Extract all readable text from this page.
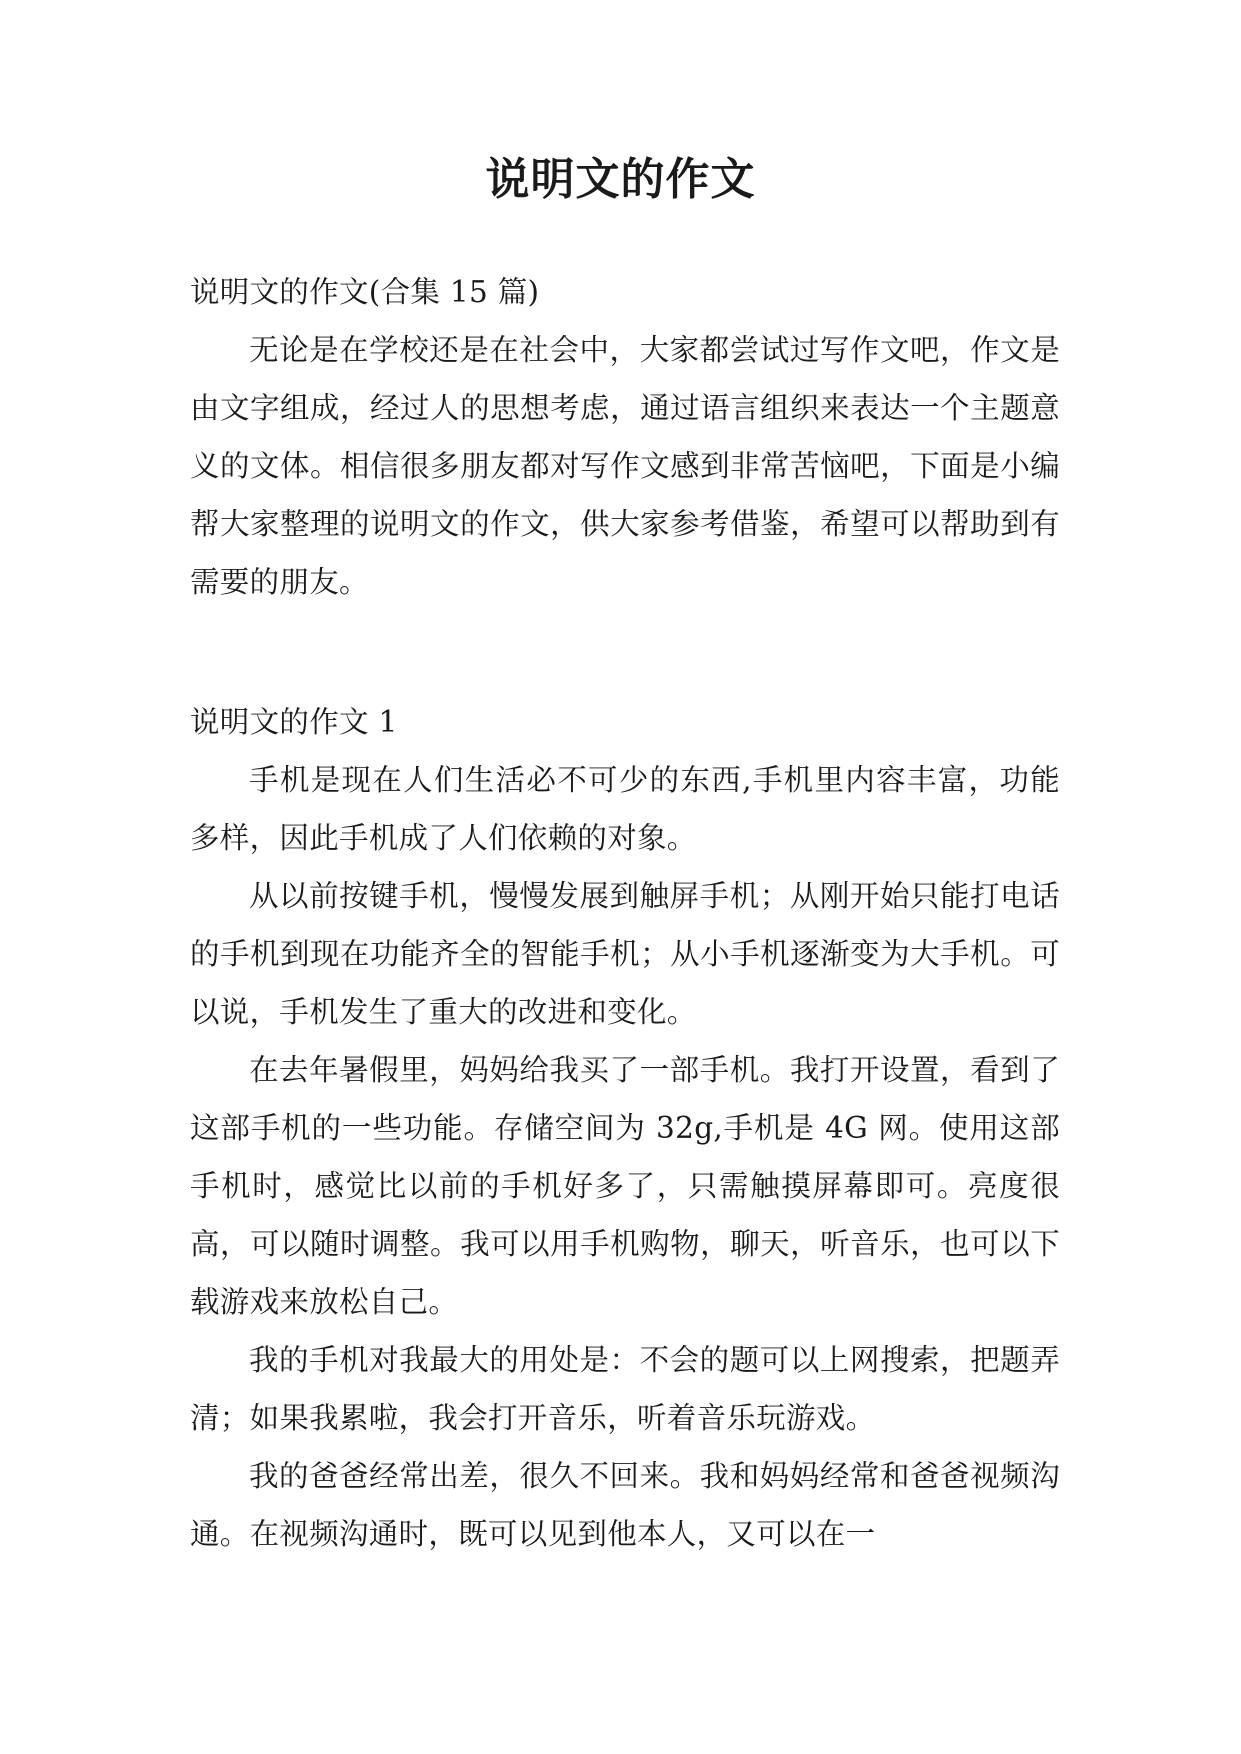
说明文的作文

说明文的作文(合集 15 篇)

无论是在学校还是在社会中，大家都尝试过写作文吧，作文是由文字组成，经过人的思想考虑，通过语言组织来表达一个主题意义的文体。相信很多朋友都对写作文感到非常苦恼吧，下面是小编帮大家整理的说明文的作文，供大家参考借鉴，希望可以帮助到有需要的朋友。

说明文的作文 1

手机是现在人们生活必不可少的东西,手机里内容丰富，功能多样，因此手机成了人们依赖的对象。

从以前按键手机，慢慢发展到触屏手机；从刚开始只能打电话的手机到现在功能齐全的智能手机；从小手机逐渐变为大手机。可以说，手机发生了重大的改进和变化。

在去年暑假里，妈妈给我买了一部手机。我打开设置，看到了这部手机的一些功能。存储空间为 32g,手机是 4G 网。使用这部手机时，感觉比以前的手机好多了，只需触摸屏幕即可。亮度很高，可以随时调整。我可以用手机购物，聊天，听音乐，也可以下载游戏来放松自己。

我的手机对我最大的用处是：不会的题可以上网搜索，把题弄清；如果我累啦，我会打开音乐，听着音乐玩游戏。

我的爸爸经常出差，很久不回来。我和妈妈经常和爸爸视频沟通。在视频沟通时，既可以见到他本人，又可以在一
